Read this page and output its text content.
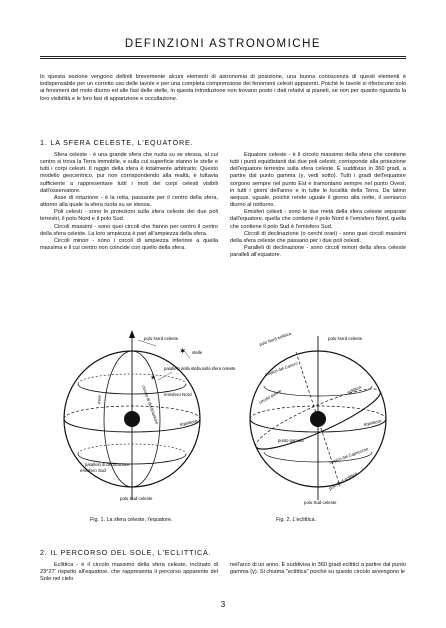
DEFINZIONI ASTRONOMICHE
In questa sezione vengono definiti brevemente alcuni elementi di astronomia di posizione, una buona conoscenza di questi elementi è indispensabile per un corretto uso delle tavole e per una completa comprensione dei fenomeni celesti apparenti. Poichè le tavole si riferiscono solo ai fenomeni del moto diurno ed alle fasi delle stelle, in questa introduzione non trovano posto i dati relativi ai pianeti, se non per quanto riguarda la loro visibilità e le loro fasi di apparizione e occultazione.
1. LA SFERA CELESTE, L'EQUATORE.

Sfera celeste - è una grande sfera che ruota su se stessa, al cui centro si trova la Terra immobile, e sulla cui superficie stanno le stelle e tutti i corpi celesti. Il raggio della sfera è totalmente arbitrario. Questo modello geocentrico, pur non corrispondendo alla realtà, è tuttavia sufficiente a rappresentare tutti i moti dei corpi celesti visibili dall'osservatore.

Asse di rotazione - è la retta, passante per il centro della sfera, attorno alla quale la sfera ruota su se stessa.

Poli celesti - sono le proiezioni sulla sfera celeste dei due poli terrestri, il polo Nord e il polo Sud.

Circoli massimi - sono quei circoli che hanno per centro il centro della sfera celeste. La loro ampiezza è pari all'ampiezza della sfera.

Circoli minori - sono i circoli di ampiezza inferiore a quella massima e il cui centro non coincide con quello della sfera.

Equatore celeste - è il circolo massimo della sfera che contiene tutti i punti equidistanti dai due poli celesti; corrisponde alla proiezione dell'equatore terrestre sulla sfera celeste. È suddiviso in 360 gradi, a partire dal punto gamma (γ, vedi sotto). Tutti i gradi dell'equatore sorgono sempre nel punto Est e tramontano sempre nel punto Ovest, in tutti i giorni dell'anno e in tutte le località della Terra. Da latino aequus, uguale, poichè rende uguale il giorno alla notte, il semiarco diurno al notturno.

Emisferi celesti - sono le due metà della sfera celeste separate dall'equatore, quella che contiene il polo Nord è l'emisfero Nord, quella che contiene il polo Sud è l'emisfero Sud.

Circoli di declinazione (o cerchi orari) - sono quei circoli massimi della sfera celeste che passano per i due poli celesti.

Paralleli di declinazione - sono circoli minori della sfera celeste paralleli all'equatore.

✶
✶
polo Nord celeste
stelle
parallelo della stella sulla sfera celeste
emisfero Nord
equatore
asse	circolo di declinazione
parallelo di declinazione
emisfero Sud
polo Sud celeste
polo Nord celeste
polo Nord eclittica
eclittica
equatore
circolo polare
tropico del Capricorno
tropico del Cancro
punto gamma
polo Sud eclittica
polo Sud celeste
Fig. 1. La sfera celeste, l'equatore.	Fig. 2. L'eclittica.
2. IL PERCORSO DEL SOLE, L'ECLITTICA.

Eclittica - è il circolo massimo della sfera celeste, inclinato di 23°27' rispetto all'equatore, che rappresenta il percorso apparente del Sole nel cielo

nell'arco di un anno. È suddivisa in 360 gradi eclittici a partire dal punto gamma (γ). Si chiama "eclittica" poichè su questo circolo avvengono le

3
